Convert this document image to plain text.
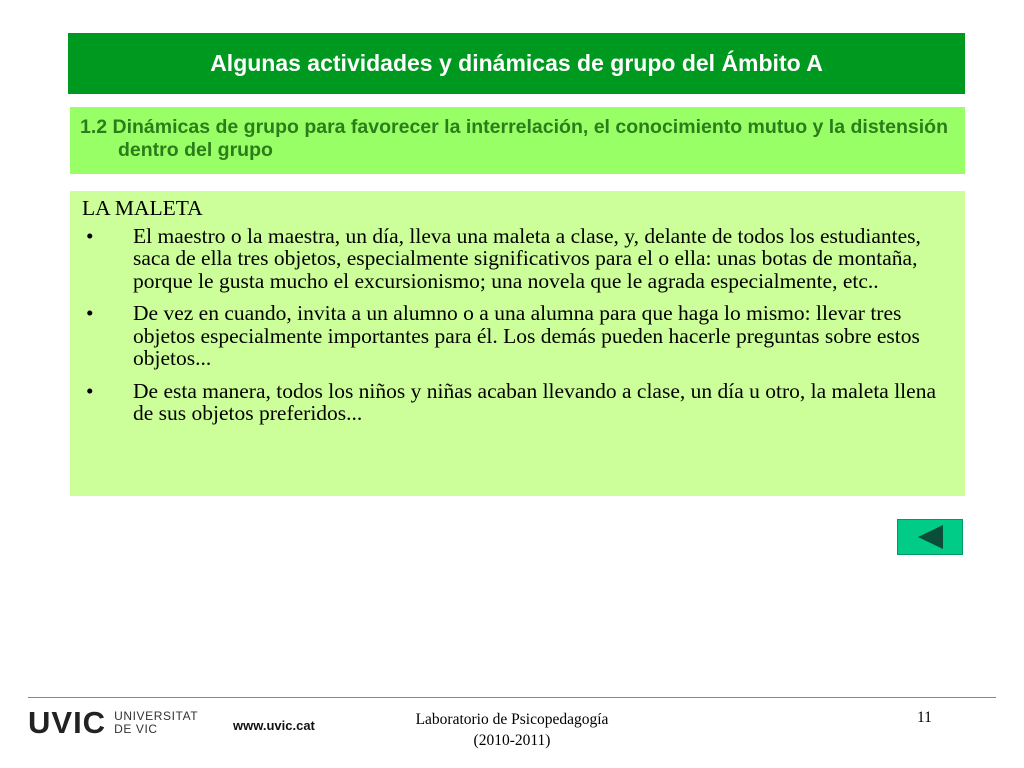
Algunas actividades y dinámicas de grupo del Ámbito A
1.2 Dinámicas de grupo para favorecer la interrelación, el conocimiento mutuo y la distensión dentro del grupo
LA MALETA
• El maestro o la maestra, un día, lleva una maleta a clase, y, delante de todos los estudiantes, saca de ella tres objetos, especialmente significativos para el o ella: unas botas de montaña, porque le gusta mucho el excursionismo; una novela que le agrada especialmente, etc..
• De vez en cuando, invita a un alumno o a una alumna para que haga lo mismo: llevar tres objetos especialmente importantes para él. Los demás pueden hacerle preguntas sobre estos objetos...
• De esta manera, todos los niños y niñas acaban llevando a clase, un día u otro, la maleta llena de sus objetos preferidos...
UVIC UNIVERSITAT
DE VIC	www.uvic.cat	Laboratorio de Psicopedagogía
(2010-2011)
11
